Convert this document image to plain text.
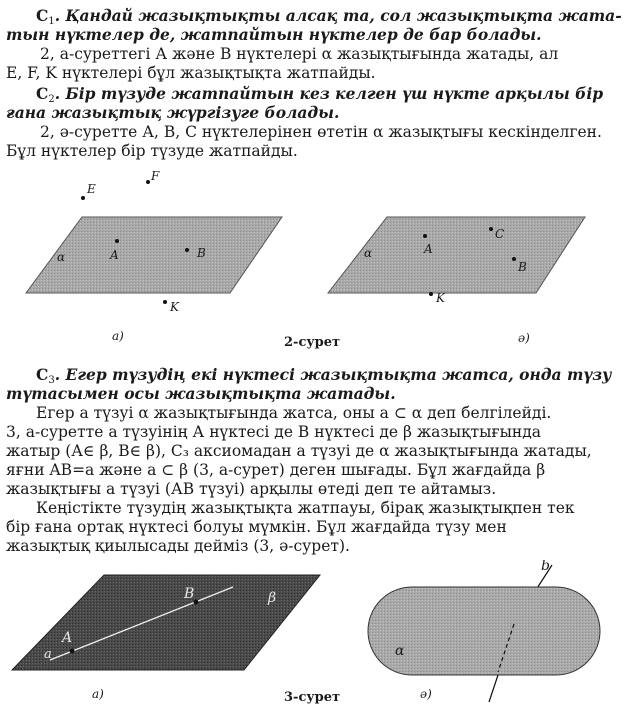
$С_1$. Қандай жазықтықты алсақ та, сол жазықтықта жата-
тын нүктелер де, жатпайтын нүктелер де бар болады.
2, а-суреттегі А және В нүктелері α жазықтығында жатады, ал
E, F, K нүктелері бұл жазықтықта жатпайды.
$С_2$. Бір түзуде жатпайтын кез келген үш нүкте арқылы бір
ғана жазықтық жүргізуге болады.
2, ә-суретте А, В, С нүктелерінен өтетін α жазықтығы кескінделген.
Бұл нүктелер бір түзуде жатпайды.
E
F
A	B
α
K
а)
C
A
B
α
K
ә)
2-сурет
$С_3$. Егер түзудің екі нүктесі жазықтықта жатса, онда түзу
түтасымен осы жазықтықта жатады.
Егер а түзуі α жазықтығында жатса, оны a ⊂ α деп белгілейді.
3, а-суретте а түзуінің А нүктесі де В нүктесі де β жазықтығында
жатыр (А∈ β, В∈ β), С₃ аксиомадан а түзуі де α жазықтығында жатады,
яғни AB=а және a ⊂ β (3, а-сурет) деген шығады. Бұл жағдайда β
жазықтығы а түзуі (АВ түзуі) арқылы өтеді деп те айтамыз.
Кеңістікте түзудің жазықтықта жатпауы, бірақ жазықтықпен тек
бір ғана ортақ нүктесі болуы мүмкін. Бұл жағдайда түзу мен
жазықтық қиылысады дейміз (3, ә-сурет).
A
B
a
β
а)
b
α
ә)
3-сурет
